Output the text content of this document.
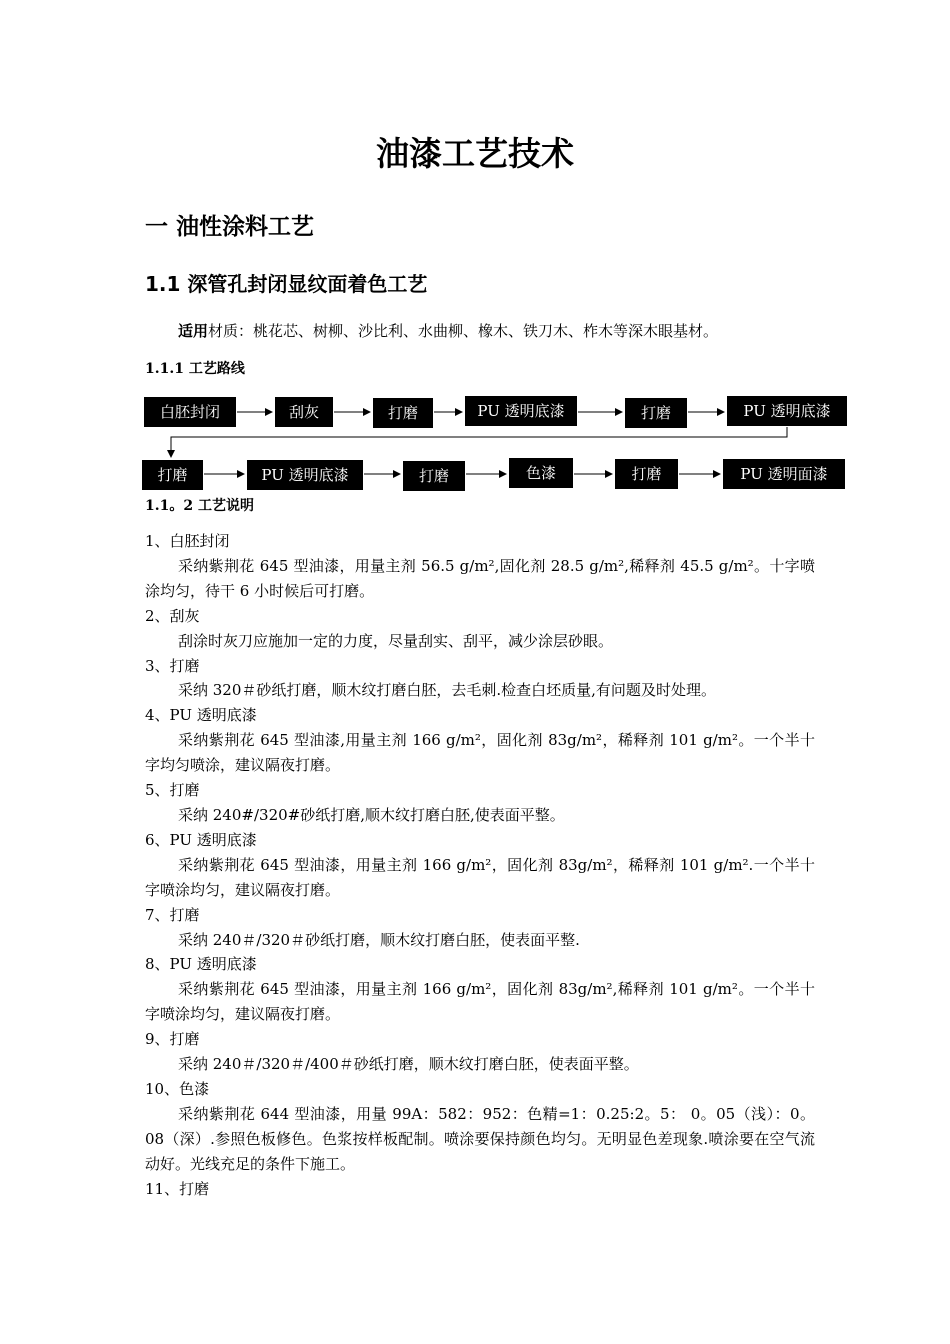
油漆工艺技术
一 油性涂料工艺
1.1 深管孔封闭显纹面着色工艺
适用材质：桃花芯、树柳、沙比利、水曲柳、橡木、铁刀木、柞木等深木眼基材。
1.1.1 工艺路线
白胚封闭	刮灰	打磨	PU 透明底漆	打磨	PU 透明底漆
打磨	PU 透明底漆	打磨	色漆	打磨	PU 透明面漆
1.1。2 工艺说明

1、白胚封闭

采纳紫荆花 645 型油漆，用量主剂 56.5 g/m²,固化剂 28.5 g/m²,稀释剂 45.5 g/m²。十字喷涂均匀，待干 6 小时候后可打磨。

2、刮灰

刮涂时灰刀应施加一定的力度，尽量刮实、刮平，减少涂层砂眼。

3、打磨

采纳 320＃砂纸打磨，顺木纹打磨白胚，去毛刺.检查白坯质量,有问题及时处理。

4、PU 透明底漆

采纳紫荆花 645 型油漆,用量主剂 166 g/m²，固化剂 83g/m²，稀释剂 101 g/m²。一个半十字均匀喷涂，建议隔夜打磨。

5、打磨

采纳 240#/320#砂纸打磨,顺木纹打磨白胚,使表面平整。

6、PU 透明底漆

采纳紫荆花 645 型油漆，用量主剂 166 g/m²，固化剂 83g/m²，稀释剂 101 g/m².一个半十字喷涂均匀，建议隔夜打磨。

7、打磨

采纳 240＃/320＃砂纸打磨，顺木纹打磨白胚，使表面平整.

8、PU 透明底漆

采纳紫荆花 645 型油漆，用量主剂 166 g/m²，固化剂 83g/m²,稀释剂 101 g/m²。一个半十字喷涂均匀，建议隔夜打磨。

9、打磨

采纳 240＃/320＃/400＃砂纸打磨，顺木纹打磨白胚，使表面平整。

10、色漆

采纳紫荆花 644 型油漆，用量 99A：582：952：色精=1：0.25:2。5： 0。05（浅）：0。08（深）.参照色板修色。色浆按样板配制。喷涂要保持颜色均匀。无明显色差现象.喷涂要在空气流动好。光线充足的条件下施工。

11、打磨
